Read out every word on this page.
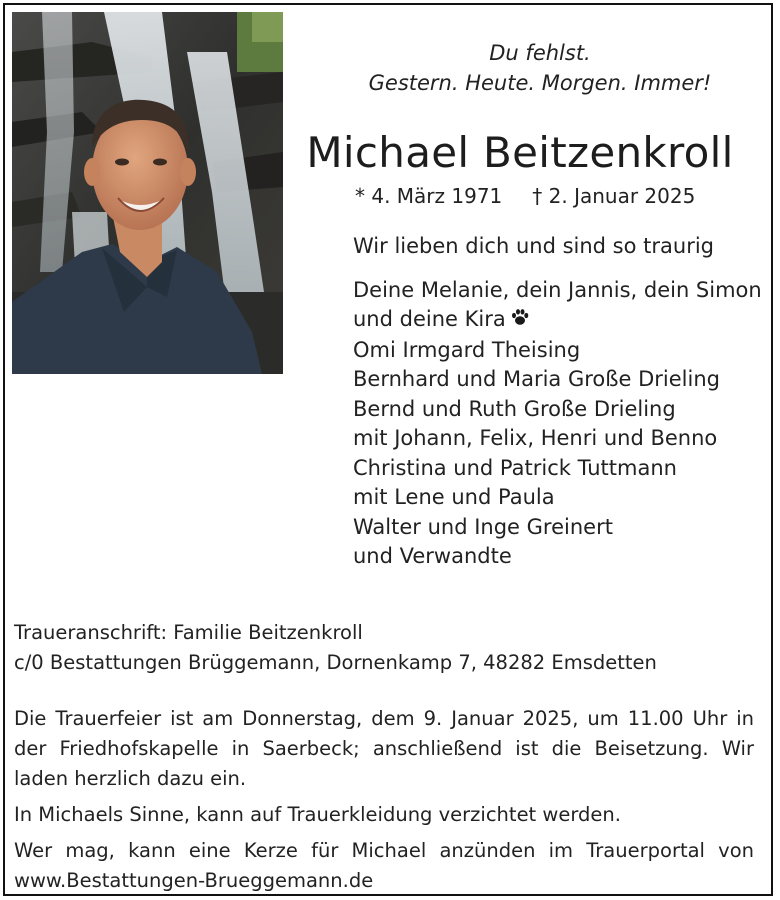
Du fehlst.
Gestern. Heute. Morgen. Immer!
Michael Beitzenkroll
* 4. März 1971 † 2. Januar 2025
Wir lieben dich und sind so traurig
Deine Melanie, dein Jannis, dein Simon
und deine Kira
Omi Irmgard Theising
Bernhard und Maria Große Drieling
Bernd und Ruth Große Drieling
mit Johann, Felix, Henri und Benno
Christina und Patrick Tuttmann
mit Lene und Paula
Walter und Inge Greinert
und Verwandte
Traueranschrift: Familie Beitzenkroll
c/0 Bestattungen Brüggemann, Dornenkamp 7, 48282 Emsdetten

Die Trauerfeier ist am Donnerstag, dem 9. Januar 2025, um 11.00 Uhr in der Friedhofskapelle in Saerbeck; anschließend ist die Beisetzung. Wir laden herzlich dazu ein.

In Michaels Sinne, kann auf Trauerkleidung verzichtet werden.

Wer mag, kann eine Kerze für Michael anzünden im Trauerportal von www.Bestattungen-Brueggemann.de
